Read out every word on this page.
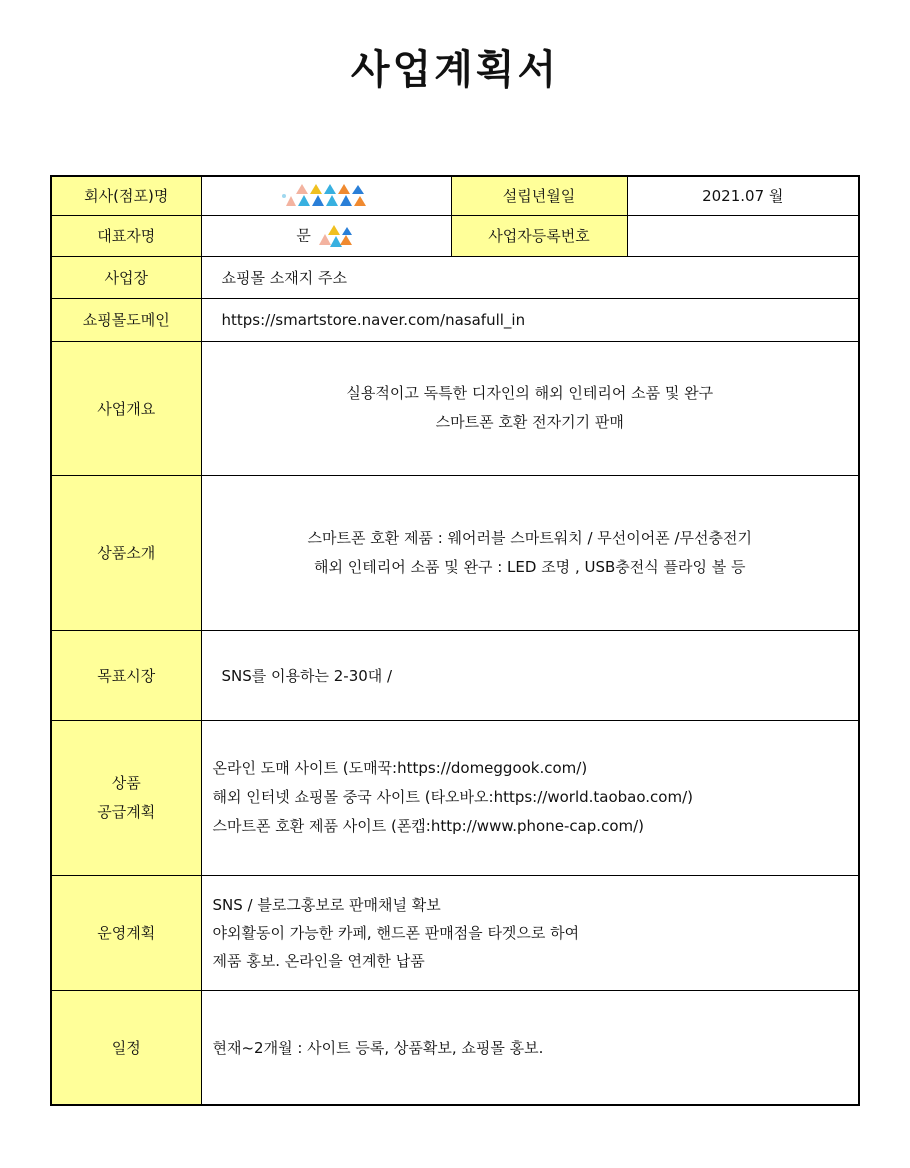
사업계획서
회사(점포)명		설립년월일	2021.07 월
대표자명	문	사업자등록번호	
사업장	쇼핑몰 소재지 주소		
쇼핑몰도메인	https://smartstore.naver.com/nasafull_in		
사업개요	실용적이고 독특한 디자인의 해외 인테리어 소품 및 완구
스마트폰 호환 전자기기 판매		

상품소개	스마트폰 호환 제품 : 웨어러블 스마트워치 / 무선이어폰 /무선충전기
해외 인테리어 소품 및 완구 : LED 조명 , USB충전식 플라잉 볼 등		

목표시장	SNS를 이용하는 2-30대 /		

상품
공급계획	온라인 도매 사이트 (도매꾹:https://domeggook.com/)
해외 인터넷 쇼핑몰 중국 사이트 (타오바오:https://world.taobao.com/)
스마트폰 호환 제품 사이트 (폰캡:http://www.phone-cap.com/)		

운영계획	SNS / 블로그홍보로 판매채널 확보
야외활동이 가능한 카페, 핸드폰 판매점을 타겟으로 하여
제품 홍보. 온라인을 연계한 납품		

일정	현재~2개월 : 사이트 등록, 상품확보, 쇼핑몰 홍보.		
